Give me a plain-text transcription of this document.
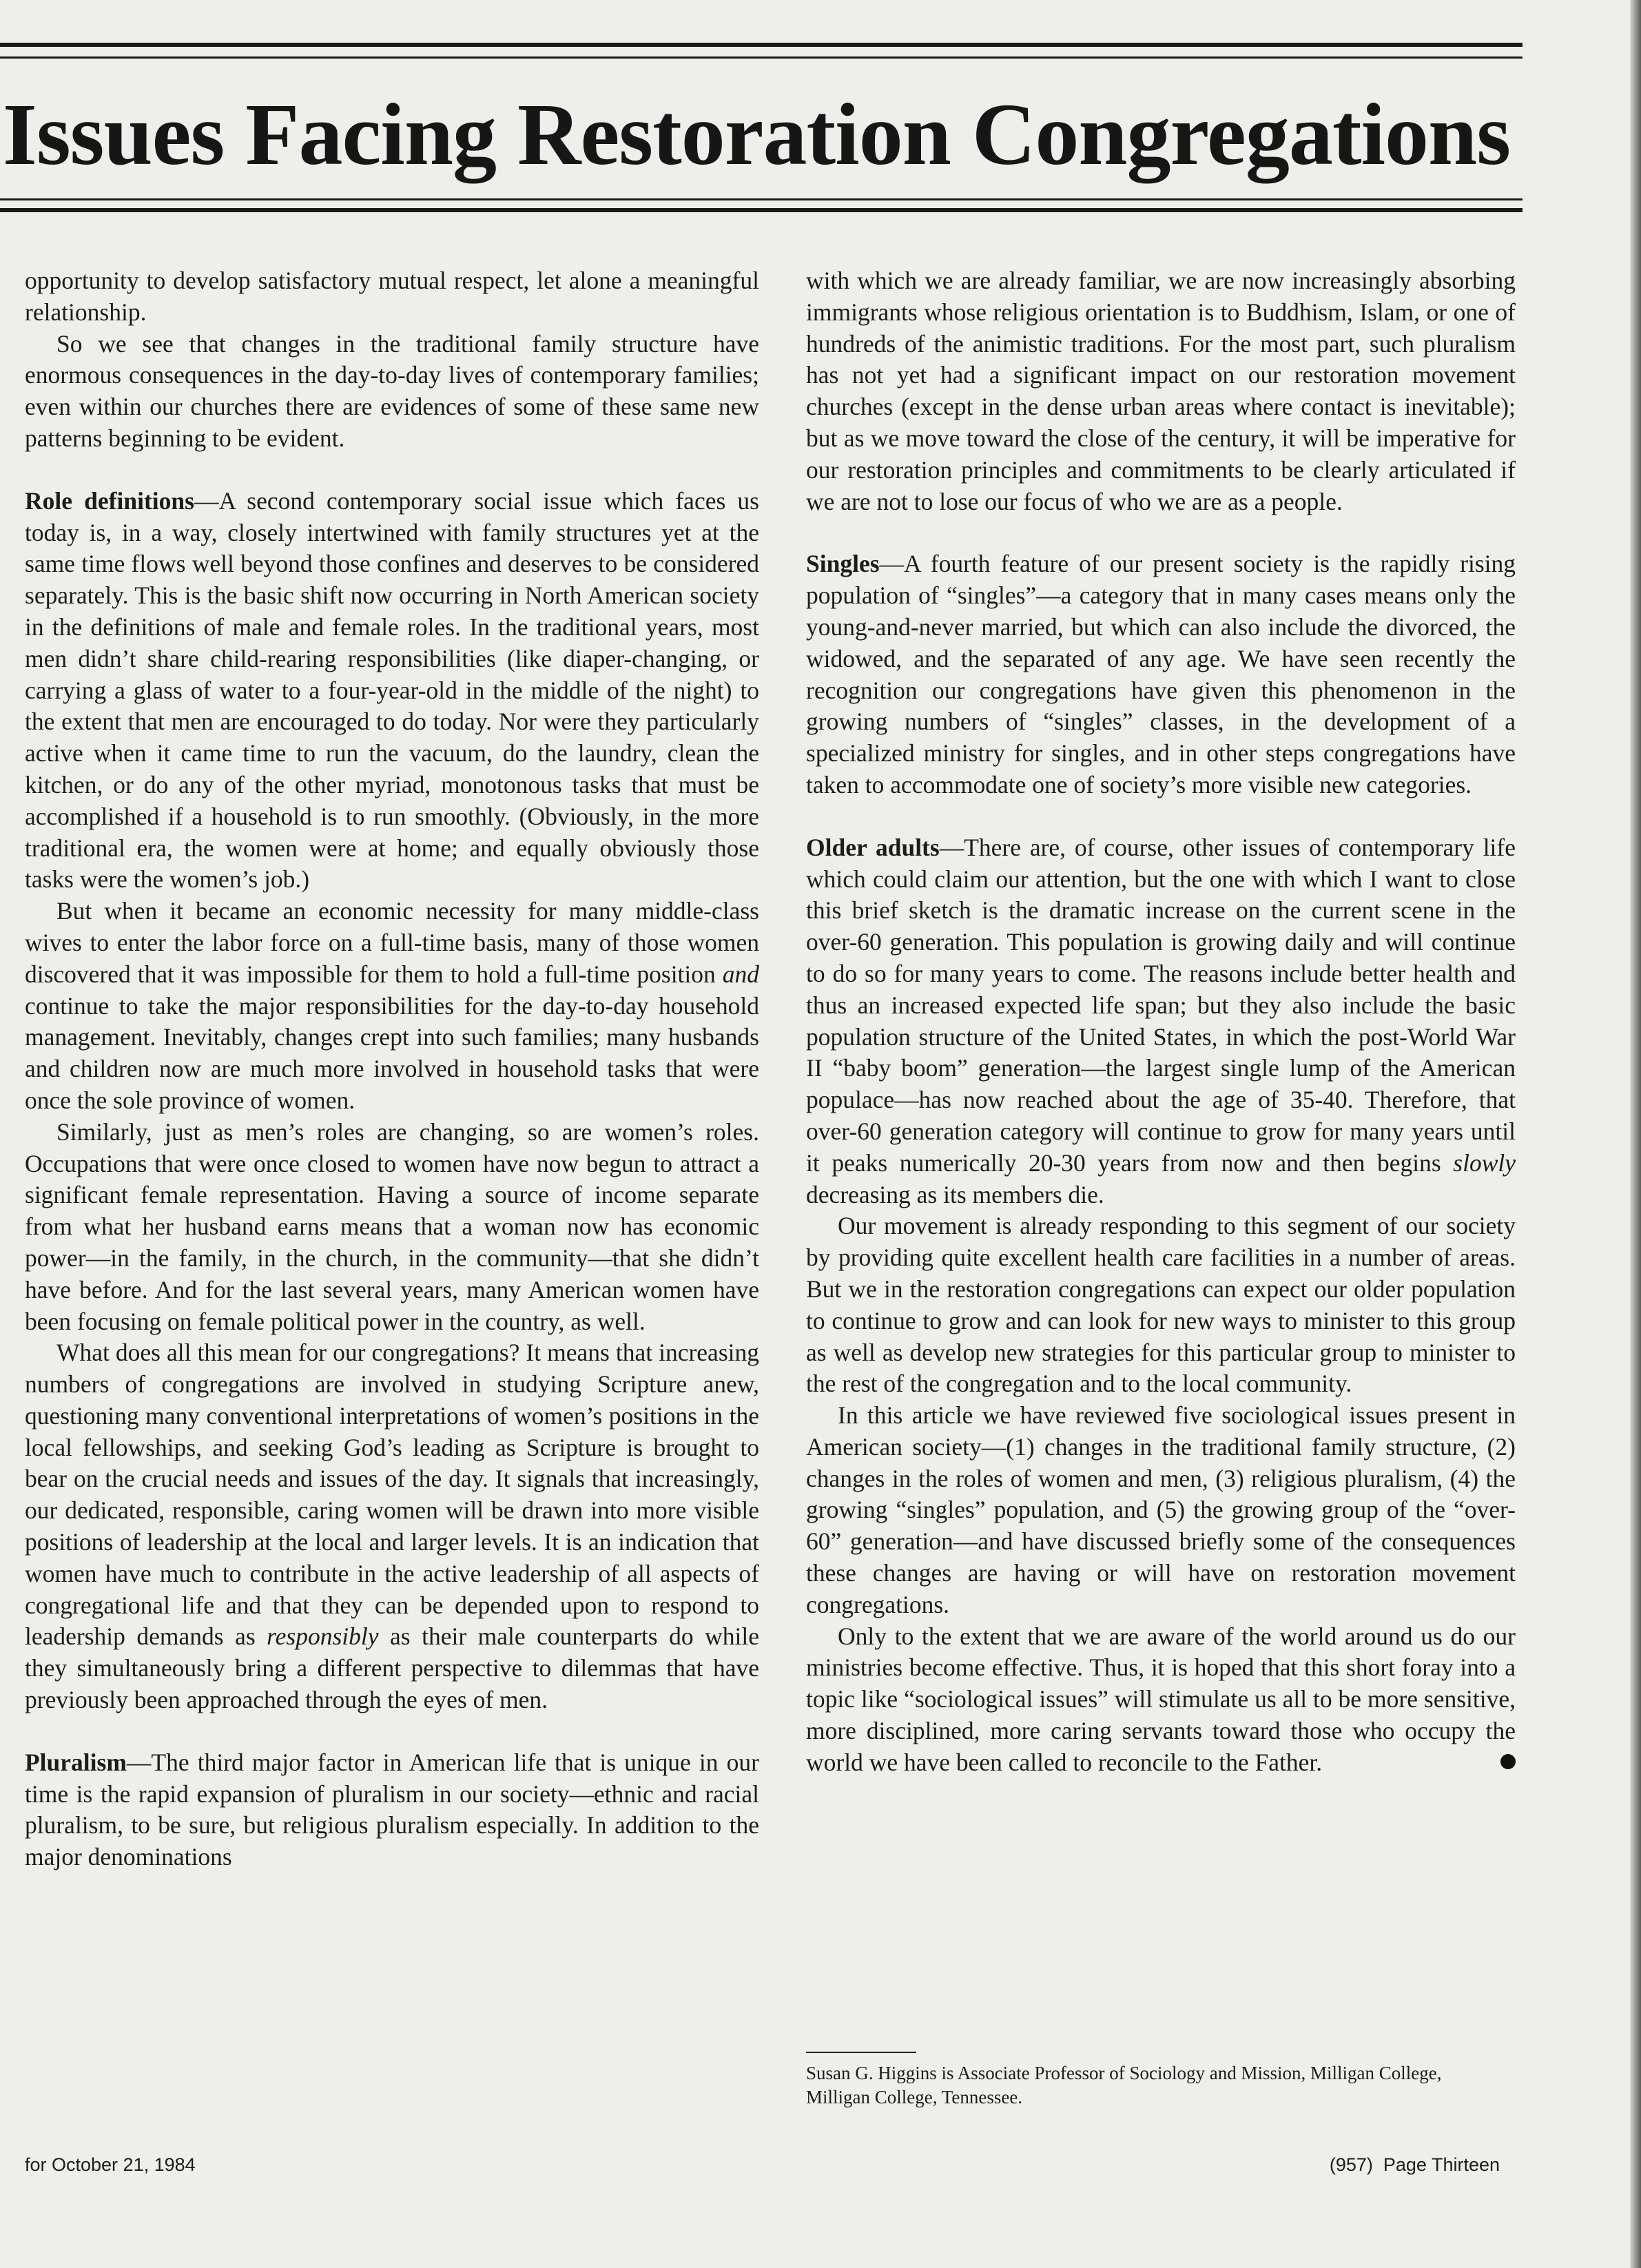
Issues Facing Restoration Congregations

opportunity to develop satisfactory mutual respect, let alone a meaningful relationship.

So we see that changes in the traditional family structure have enormous consequences in the day-to-day lives of contemporary families; even within our churches there are evidences of some of these same new patterns beginning to be evident.

Role definitions—A second contemporary social issue which faces us today is, in a way, closely intertwined with family structures yet at the same time flows well beyond those confines and deserves to be considered separately. This is the basic shift now occurring in North American society in the definitions of male and female roles. In the traditional years, most men didn’t share child-rearing responsibilities (like diaper-changing, or carrying a glass of water to a four-year-old in the middle of the night) to the extent that men are encouraged to do today. Nor were they particularly active when it came time to run the vacuum, do the laundry, clean the kitchen, or do any of the other myriad, monotonous tasks that must be accomplished if a household is to run smoothly. (Obviously, in the more traditional era, the women were at home; and equally obviously those tasks were the women’s job.)

But when it became an economic necessity for many middle-class wives to enter the labor force on a full-time basis, many of those women discovered that it was impossible for them to hold a full-time position and continue to take the major responsibilities for the day-to-day household management. Inevitably, changes crept into such families; many husbands and children now are much more involved in household tasks that were once the sole province of women.

Similarly, just as men’s roles are changing, so are women’s roles. Occupations that were once closed to women have now begun to attract a significant female representation. Having a source of income separate from what her husband earns means that a woman now has economic power—in the family, in the church, in the community—that she didn’t have before. And for the last several years, many American women have been focusing on female political power in the country, as well.

What does all this mean for our congregations? It means that increasing numbers of congregations are involved in studying Scripture anew, questioning many conventional interpretations of women’s positions in the local fellowships, and seeking God’s leading as Scripture is brought to bear on the crucial needs and issues of the day. It signals that increasingly, our dedicated, responsible, caring women will be drawn into more visible positions of leadership at the local and larger levels. It is an indication that women have much to contribute in the active leadership of all aspects of congregational life and that they can be depended upon to respond to leadership demands as responsibly as their male counterparts do while they simultaneously bring a different perspective to dilemmas that have previously been approached through the eyes of men.

Pluralism—The third major factor in American life that is unique in our time is the rapid expansion of pluralism in our society—ethnic and racial pluralism, to be sure, but religious pluralism especially. In addition to the major denominations

with which we are already familiar, we are now increasingly absorbing immigrants whose religious orientation is to Buddhism, Islam, or one of hundreds of the animistic traditions. For the most part, such pluralism has not yet had a significant impact on our restoration movement churches (except in the dense urban areas where contact is inevitable); but as we move toward the close of the century, it will be imperative for our restoration principles and commitments to be clearly articulated if we are not to lose our focus of who we are as a people.

Singles—A fourth feature of our present society is the rapidly rising population of “singles”—a category that in many cases means only the young-and-never married, but which can also include the divorced, the widowed, and the separated of any age. We have seen recently the recognition our congregations have given this phenomenon in the growing numbers of “singles” classes, in the development of a specialized ministry for singles, and in other steps congregations have taken to accommodate one of society’s more visible new categories.

Older adults—There are, of course, other issues of contemporary life which could claim our attention, but the one with which I want to close this brief sketch is the dramatic increase on the current scene in the over-60 generation. This population is growing daily and will continue to do so for many years to come. The reasons include better health and thus an increased expected life span; but they also include the basic population structure of the United States, in which the post-World War II “baby boom” generation—the largest single lump of the American populace—has now reached about the age of 35-40. Therefore, that over-60 generation category will continue to grow for many years until it peaks numerically 20-30 years from now and then begins slowly decreasing as its members die.

Our movement is already responding to this segment of our society by providing quite excellent health care facilities in a number of areas. But we in the restoration congregations can expect our older population to continue to grow and can look for new ways to minister to this group as well as develop new strategies for this particular group to minister to the rest of the congregation and to the local community.

In this article we have reviewed five sociological issues present in American society—(1) changes in the traditional family structure, (2) changes in the roles of women and men, (3) religious pluralism, (4) the growing “singles” population, and (5) the growing group of the “over-60” generation—and have discussed briefly some of the consequences these changes are having or will have on restoration movement congregations.

Only to the extent that we are aware of the world around us do our ministries become effective. Thus, it is hoped that this short foray into a topic like “sociological issues” will stimulate us all to be more sensitive, more disciplined, more caring servants toward those who occupy the world we have been called to reconcile to the Father.

Susan G. Higgins is Associate Professor of Sociology and Mission, Milligan College, Milligan College, Tennessee.

for October 21, 1984	(957) Page Thirteen
